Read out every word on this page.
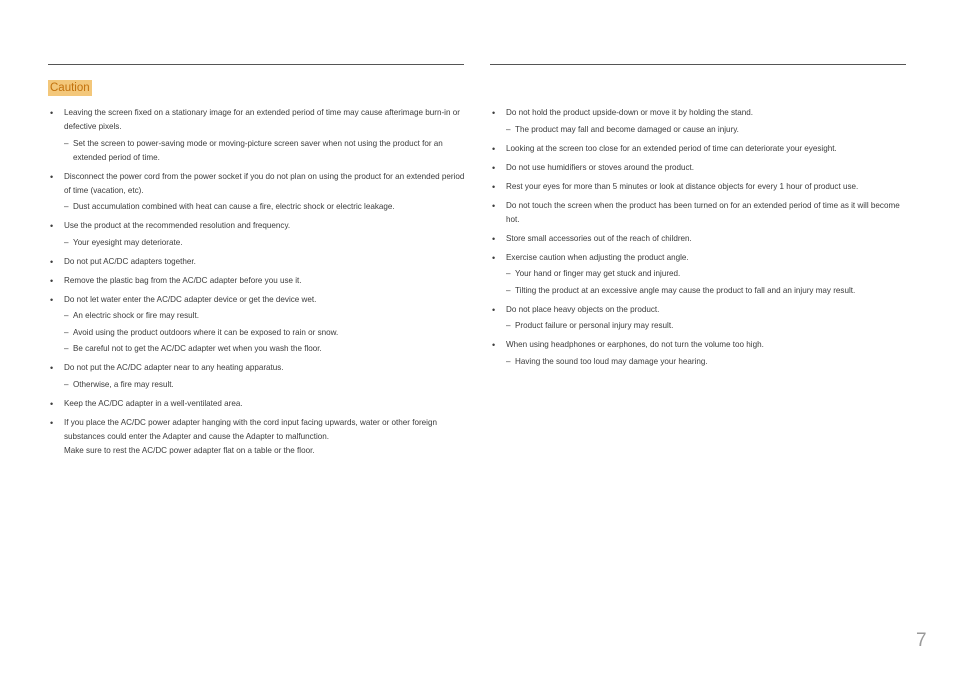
Caution
• Leaving the screen fixed on a stationary image for an extended period of time may cause afterimage burn-in or defective pixels.
– Set the screen to power-saving mode or moving-picture screen saver when not using the product for an extended period of time.
• Disconnect the power cord from the power socket if you do not plan on using the product for an extended period of time (vacation, etc).
– Dust accumulation combined with heat can cause a fire, electric shock or electric leakage.
• Use the product at the recommended resolution and frequency.
– Your eyesight may deteriorate.
• Do not put AC/DC adapters together.
• Remove the plastic bag from the AC/DC adapter before you use it.
• Do not let water enter the AC/DC adapter device or get the device wet.
– An electric shock or fire may result.
– Avoid using the product outdoors where it can be exposed to rain or snow.
– Be careful not to get the AC/DC adapter wet when you wash the floor.
• Do not put the AC/DC adapter near to any heating apparatus.
– Otherwise, a fire may result.
• Keep the AC/DC adapter in a well-ventilated area.
• If you place the AC/DC power adapter hanging with the cord input facing upwards, water or other foreign substances could enter the Adapter and cause the Adapter to malfunction.
Make sure to rest the AC/DC power adapter flat on a table or the floor.
• Do not hold the product upside-down or move it by holding the stand.
– The product may fall and become damaged or cause an injury.
• Looking at the screen too close for an extended period of time can deteriorate your eyesight.
• Do not use humidifiers or stoves around the product.
• Rest your eyes for more than 5 minutes or look at distance objects for every 1 hour of product use.
• Do not touch the screen when the product has been turned on for an extended period of time as it will become hot.
• Store small accessories out of the reach of children.
• Exercise caution when adjusting the product angle.
– Your hand or finger may get stuck and injured.
– Tilting the product at an excessive angle may cause the product to fall and an injury may result.
• Do not place heavy objects on the product.
– Product failure or personal injury may result.
• When using headphones or earphones, do not turn the volume too high.
– Having the sound too loud may damage your hearing.
7
